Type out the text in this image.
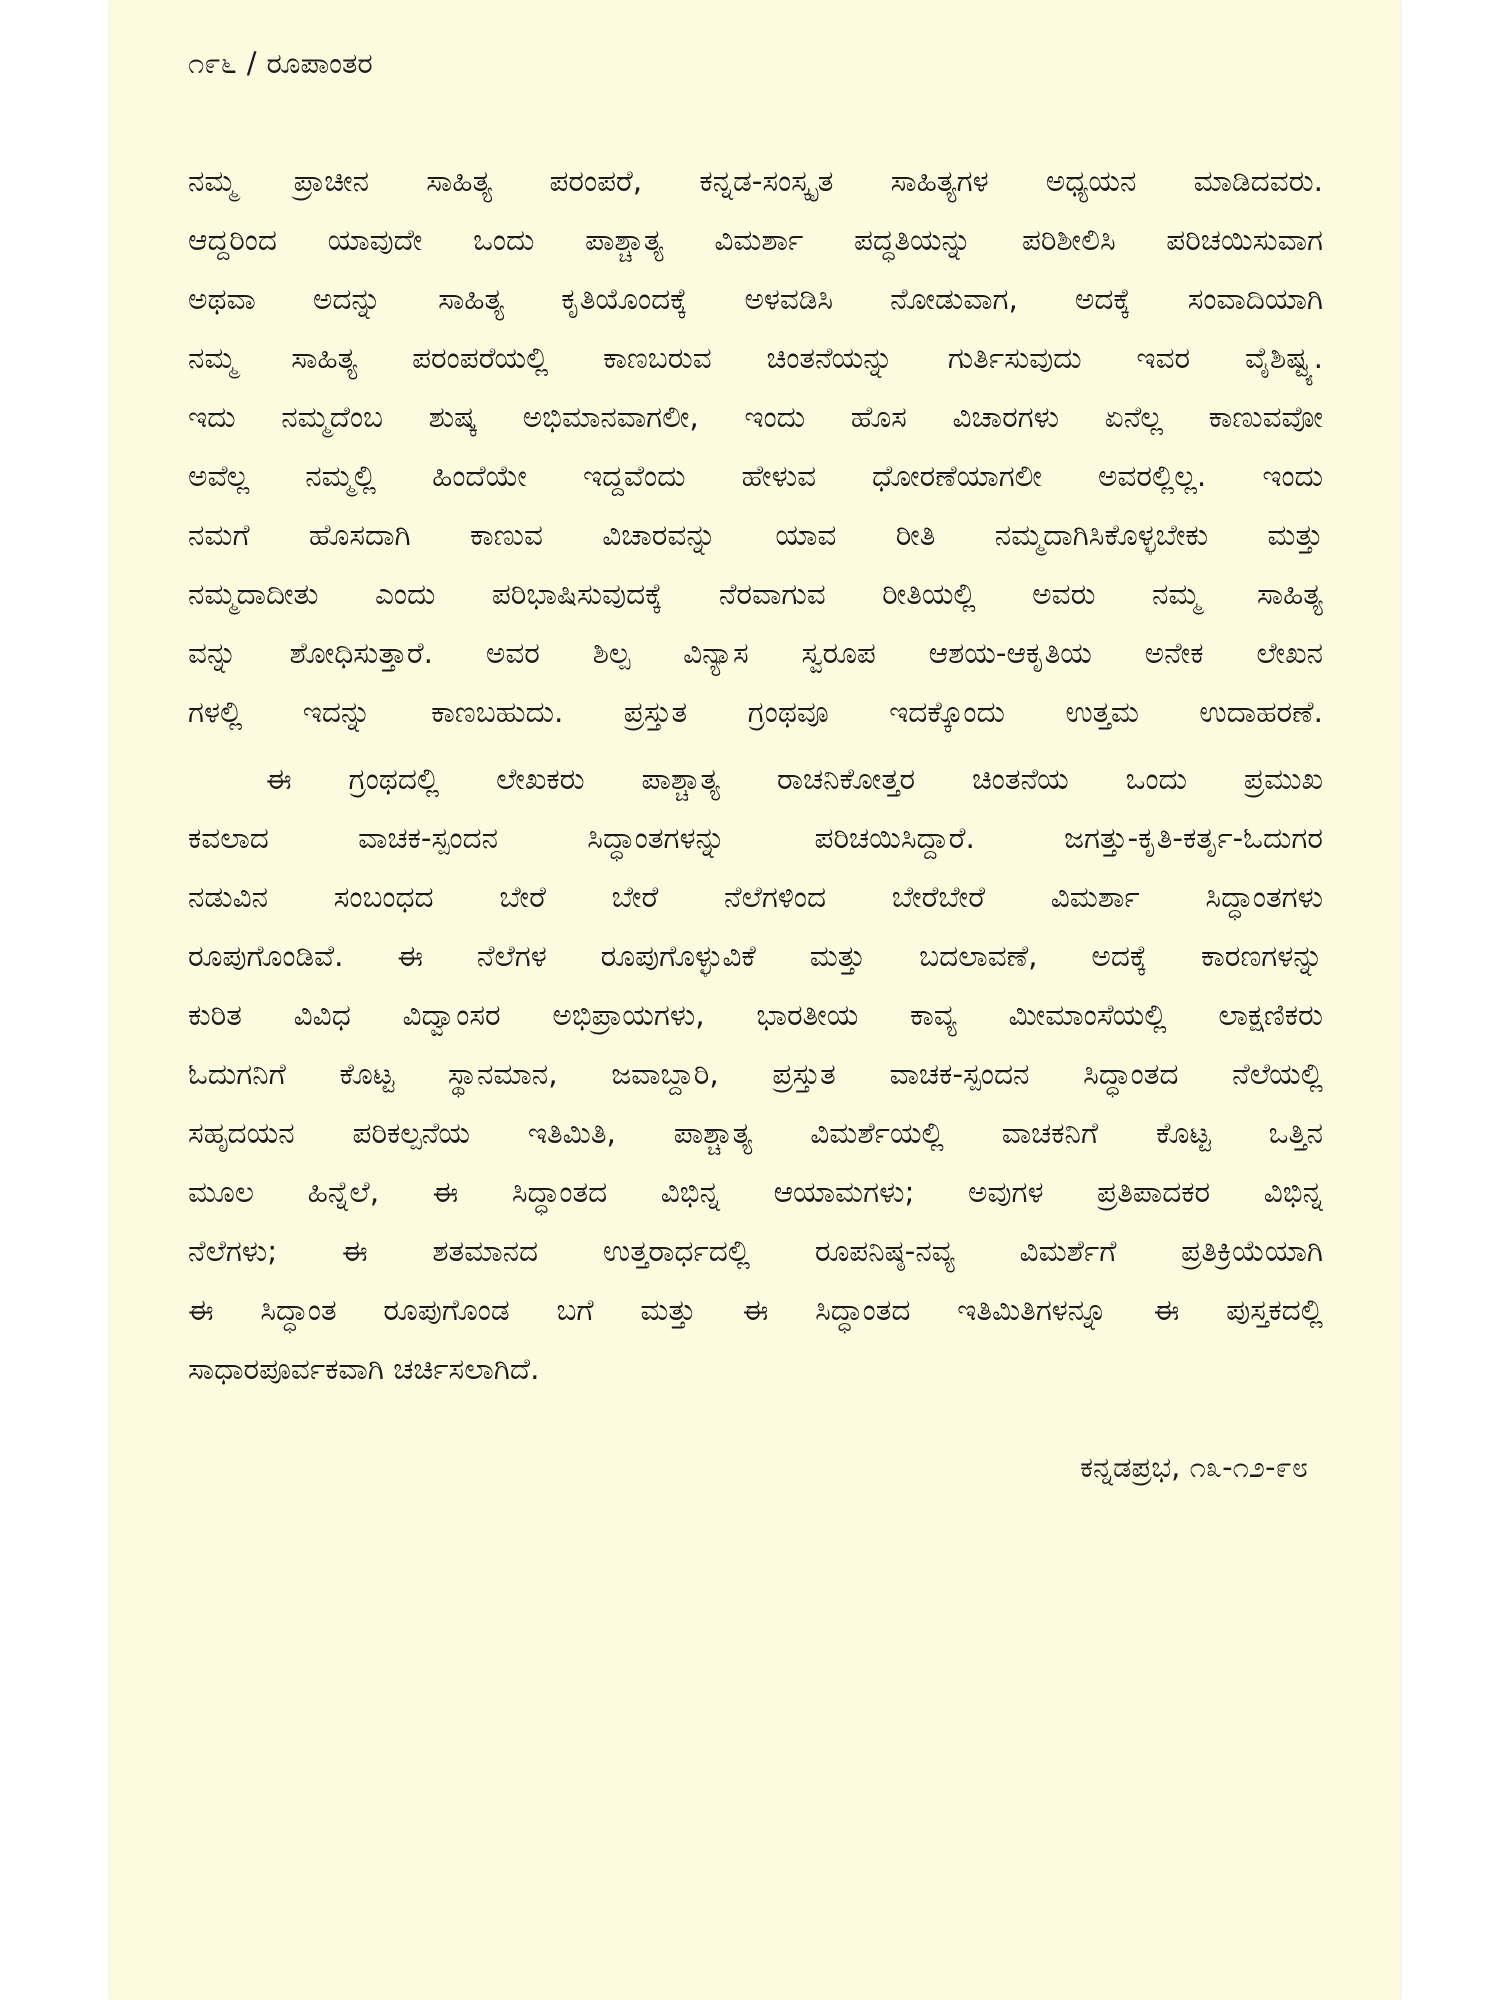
೧೯೬ / ರೂಪಾಂತರ
ನಮ್ಮ ಪ್ರಾಚೀನ ಸಾಹಿತ್ಯ ಪರಂಪರೆ, ಕನ್ನಡ-ಸಂಸ್ಕೃತ ಸಾಹಿತ್ಯಗಳ ಅಧ್ಯಯನ ಮಾಡಿದವರು.
ಆದ್ದರಿಂದ ಯಾವುದೇ ಒಂದು ಪಾಶ್ಚಾತ್ಯ ವಿಮರ್ಶಾ ಪದ್ಧತಿಯನ್ನು ಪರಿಶೀಲಿಸಿ ಪರಿಚಯಿಸುವಾಗ
ಅಥವಾ ಅದನ್ನು ಸಾಹಿತ್ಯ ಕೃತಿಯೊಂದಕ್ಕೆ ಅಳವಡಿಸಿ ನೋಡುವಾಗ, ಅದಕ್ಕೆ ಸಂವಾದಿಯಾಗಿ
ನಮ್ಮ ಸಾಹಿತ್ಯ ಪರಂಪರೆಯಲ್ಲಿ ಕಾಣಬರುವ ಚಿಂತನೆಯನ್ನು ಗುರ್ತಿಸುವುದು ಇವರ ವೈಶಿಷ್ಟ್ಯ.
ಇದು ನಮ್ಮದೆಂಬ ಶುಷ್ಕ ಅಭಿಮಾನವಾಗಲೀ, ಇಂದು ಹೊಸ ವಿಚಾರಗಳು ಏನೆಲ್ಲ ಕಾಣುವವೋ
ಅವೆಲ್ಲ ನಮ್ಮಲ್ಲಿ ಹಿಂದೆಯೇ ಇದ್ದವೆಂದು ಹೇಳುವ ಧೋರಣೆಯಾಗಲೀ ಅವರಲ್ಲಿಲ್ಲ. ಇಂದು
ನಮಗೆ ಹೊಸದಾಗಿ ಕಾಣುವ ವಿಚಾರವನ್ನು ಯಾವ ರೀತಿ ನಮ್ಮದಾಗಿಸಿಕೊಳ್ಳಬೇಕು ಮತ್ತು
ನಮ್ಮದಾದೀತು ಎಂದು ಪರಿಭಾಷಿಸುವುದಕ್ಕೆ ನೆರವಾಗುವ ರೀತಿಯಲ್ಲಿ ಅವರು ನಮ್ಮ ಸಾಹಿತ್ಯ
ವನ್ನು ಶೋಧಿಸುತ್ತಾರೆ. ಅವರ ಶಿಲ್ಪ ವಿನ್ಯಾಸ ಸ್ವರೂಪ ಆಶಯ-ಆಕೃತಿಯ ಅನೇಕ ಲೇಖನ
ಗಳಲ್ಲಿ ಇದನ್ನು ಕಾಣಬಹುದು. ಪ್ರಸ್ತುತ ಗ್ರಂಥವೂ ಇದಕ್ಕೊಂದು ಉತ್ತಮ ಉದಾಹರಣೆ.
ಈ ಗ್ರಂಥದಲ್ಲಿ ಲೇಖಕರು ಪಾಶ್ಚಾತ್ಯ ರಾಚನಿಕೋತ್ತರ ಚಿಂತನೆಯ ಒಂದು ಪ್ರಮುಖ
ಕವಲಾದ ವಾಚಕ-ಸ್ಪಂದನ ಸಿದ್ಧಾಂತಗಳನ್ನು ಪರಿಚಯಿಸಿದ್ದಾರೆ. ಜಗತ್ತು-ಕೃತಿ-ಕರ್ತೃ-ಓದುಗರ
ನಡುವಿನ ಸಂಬಂಧದ ಬೇರೆ ಬೇರೆ ನೆಲೆಗಳಿಂದ ಬೇರೆಬೇರೆ ವಿಮರ್ಶಾ ಸಿದ್ಧಾಂತಗಳು
ರೂಪುಗೊಂಡಿವೆ. ಈ ನೆಲೆಗಳ ರೂಪುಗೊಳ್ಳುವಿಕೆ ಮತ್ತು ಬದಲಾವಣೆ, ಅದಕ್ಕೆ ಕಾರಣಗಳನ್ನು
ಕುರಿತ ವಿವಿಧ ವಿದ್ವಾಂಸರ ಅಭಿಪ್ರಾಯಗಳು, ಭಾರತೀಯ ಕಾವ್ಯ ಮೀಮಾಂಸೆಯಲ್ಲಿ ಲಾಕ್ಷಣಿಕರು
ಓದುಗನಿಗೆ ಕೊಟ್ಟ ಸ್ಥಾನಮಾನ, ಜವಾಬ್ದಾರಿ, ಪ್ರಸ್ತುತ ವಾಚಕ-ಸ್ಪಂದನ ಸಿದ್ಧಾಂತದ ನೆಲೆಯಲ್ಲಿ
ಸಹೃದಯನ ಪರಿಕಲ್ಪನೆಯ ಇತಿಮಿತಿ, ಪಾಶ್ಚಾತ್ಯ ವಿಮರ್ಶೆಯಲ್ಲಿ ವಾಚಕನಿಗೆ ಕೊಟ್ಟ ಒತ್ತಿನ
ಮೂಲ ಹಿನ್ನೆಲೆ, ಈ ಸಿದ್ಧಾಂತದ ವಿಭಿನ್ನ ಆಯಾಮಗಳು; ಅವುಗಳ ಪ್ರತಿಪಾದಕರ ವಿಭಿನ್ನ
ನೆಲೆಗಳು; ಈ ಶತಮಾನದ ಉತ್ತರಾರ್ಧದಲ್ಲಿ ರೂಪನಿಷ್ಠ-ನವ್ಯ ವಿಮರ್ಶೆಗೆ ಪ್ರತಿಕ್ರಿಯೆಯಾಗಿ
ಈ ಸಿದ್ಧಾಂತ ರೂಪುಗೊಂಡ ಬಗೆ ಮತ್ತು ಈ ಸಿದ್ಧಾಂತದ ಇತಿಮಿತಿಗಳನ್ನೂ ಈ ಪುಸ್ತಕದಲ್ಲಿ
ಸಾಧಾರಪೂರ್ವಕವಾಗಿ ಚರ್ಚಿಸಲಾಗಿದೆ.
ಕನ್ನಡಪ್ರಭ, ೧೩-೧೨-೯೮
